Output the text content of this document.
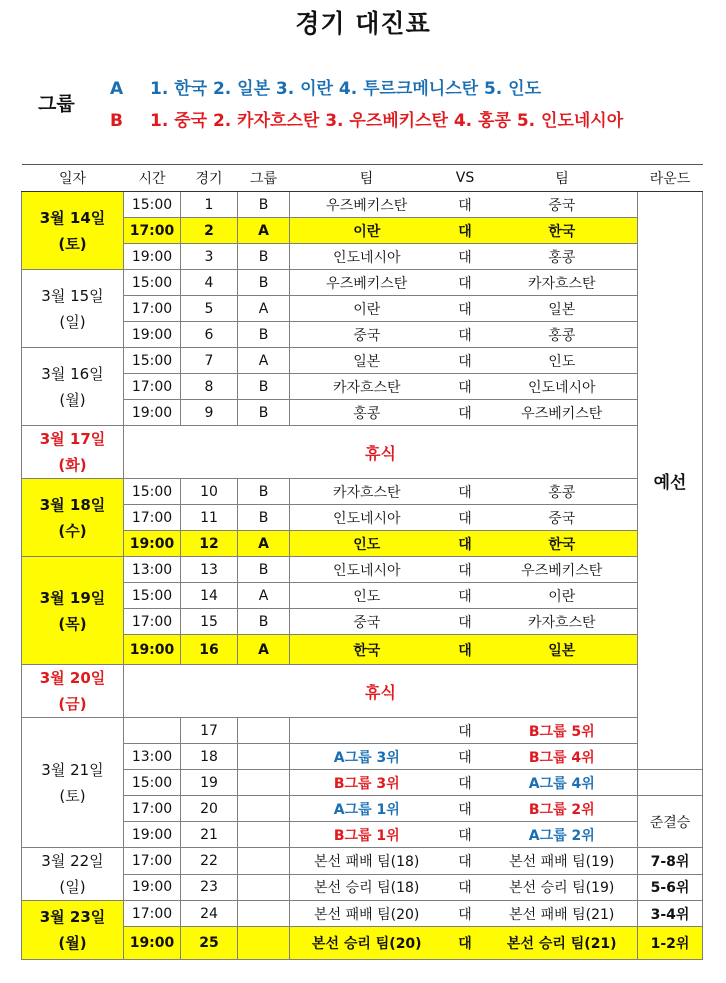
경기 대진표
그룹
A 1. 한국 2. 일본 3. 이란 4. 투르크메니스탄 5. 인도
B 1. 중국 2. 카자흐스탄 3. 우즈베키스탄 4. 홍콩 5. 인도네시아
일자	시간	경기	그룹	팀	VS	팀	라운드	
3월 14일
(토)	15:00	1	B	우즈베키스탄	대	중국	예선	
	17:00	2	A	이란	대	한국		
	19:00	3	B	인도네시아	대	홍콩		
3월 15일
(일)	15:00	4	B	우즈베키스탄	대	카자흐스탄		
	17:00	5	A	이란	대	일본		
	19:00	6	B	중국	대	홍콩		
3월 16일
(월)	15:00	7	A	일본	대	인도		
	17:00	8	B	카자흐스탄	대	인도네시아		
	19:00	9	B	홍콩	대	우즈베키스탄		
3월 17일
(화)	휴식							
3월 18일
(수)	15:00	10	B	카자흐스탄	대	홍콩		
	17:00	11	B	인도네시아	대	중국		
	19:00	12	A	인도	대	한국		
3월 19일
(목)	13:00	13	B	인도네시아	대	우즈베키스탄		
	15:00	14	A	인도	대	이란		
	17:00	15	B	중국	대	카자흐스탄		
	19:00	16	A	한국	대	일본		
3월 20일
(금)	휴식							
3월 21일
(토)		17			대	B그룹 5위	
	13:00	18		A그룹 3위	대	B그룹 4위	
	15:00	19		B그룹 3위	대	A그룹 4위		
	17:00	20		A그룹 1위	대	B그룹 2위	준결승	
	19:00	21		B그룹 1위	대	A그룹 2위		
3월 22일
(일)	17:00	22		본선 패배 팀(18)	대	본선 패배 팀(19)	7-8위	
	19:00	23		본선 승리 팀(18)	대	본선 승리 팀(19)	5-6위	
3월 23일
(월)	17:00	24		본선 패배 팀(20)	대	본선 패배 팀(21)	3-4위	
	19:00	25		본선 승리 팀(20)	대	본선 승리 팀(21)	1-2위	
